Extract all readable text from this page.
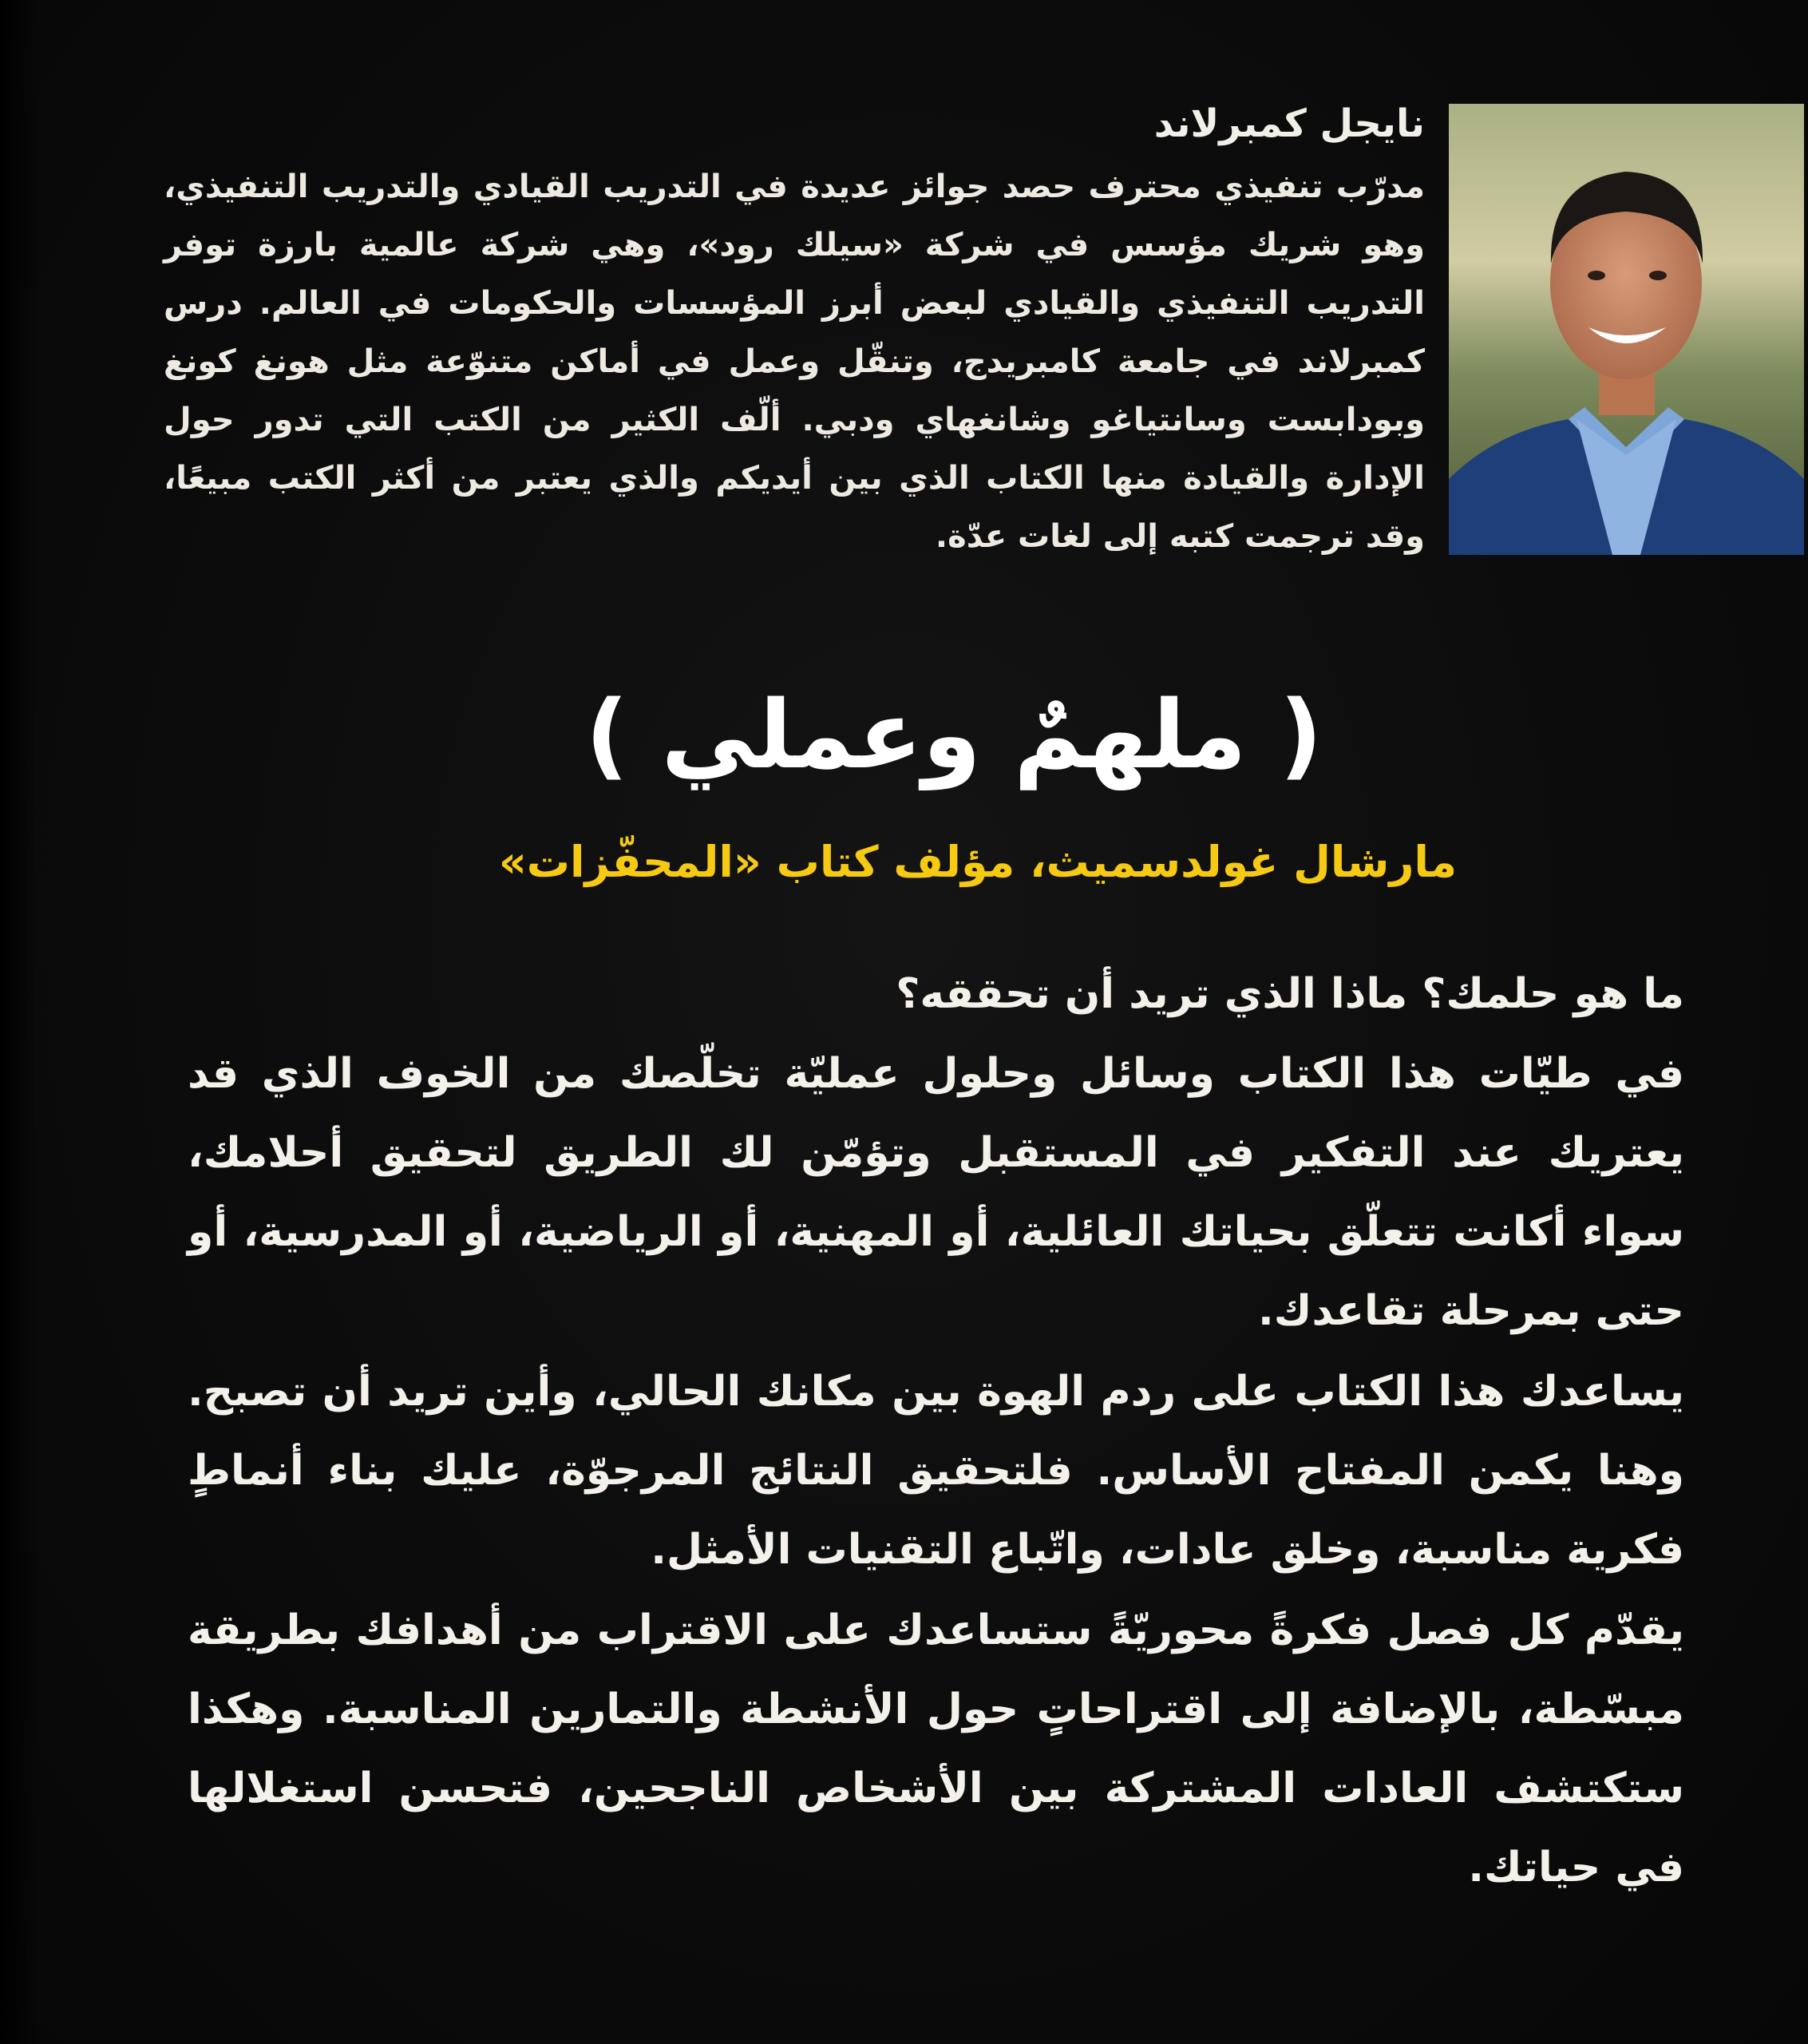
نايجل كمبرلاند
مدرّب تنفيذي محترف حصد جوائز عديدة في التدريب القيادي والتدريب التنفيذي، وهو شريك مؤسس في شركة «سيلك رود»، وهي شركة عالمية بارزة توفر التدريب التنفيذي والقيادي لبعض أبرز المؤسسات والحكومات في العالم. درس كمبرلاند في جامعة كامبريدج، وتنقّل وعمل في أماكن متنوّعة مثل هونغ كونغ وبودابست وسانتياغو وشانغهاي ودبي. ألّف الكثير من الكتب التي تدور حول الإدارة والقيادة منها الكتاب الذي بين أيديكم والذي يعتبر من أكثر الكتب مبيعًا، وقد ترجمت كتبه إلى لغات عدّة.
( ملهمٌ وعملي )
مارشال غولدسميث، مؤلف كتاب «المحفّزات»
ما هو حلمك؟ ماذا الذي تريد أن تحققه؟
في طيّات هذا الكتاب وسائل وحلول عمليّة تخلّصك من الخوف الذي قد يعتريك عند التفكير في المستقبل وتؤمّن لك الطريق لتحقيق أحلامك، سواء أكانت تتعلّق بحياتك العائلية، أو المهنية، أو الرياضية، أو المدرسية، أو حتى بمرحلة تقاعدك.
يساعدك هذا الكتاب على ردم الهوة بين مكانك الحالي، وأين تريد أن تصبح. وهنا يكمن المفتاح الأساس. فلتحقيق النتائج المرجوّة، عليك بناء أنماطٍ فكرية مناسبة، وخلق عادات، واتّباع التقنيات الأمثل.
يقدّم كل فصل فكرةً محوريّةً ستساعدك على الاقتراب من أهدافك بطريقة مبسّطة، بالإضافة إلى اقتراحاتٍ حول الأنشطة والتمارين المناسبة. وهكذا ستكتشف العادات المشتركة بين الأشخاص الناجحين، فتحسن استغلالها في حياتك.
